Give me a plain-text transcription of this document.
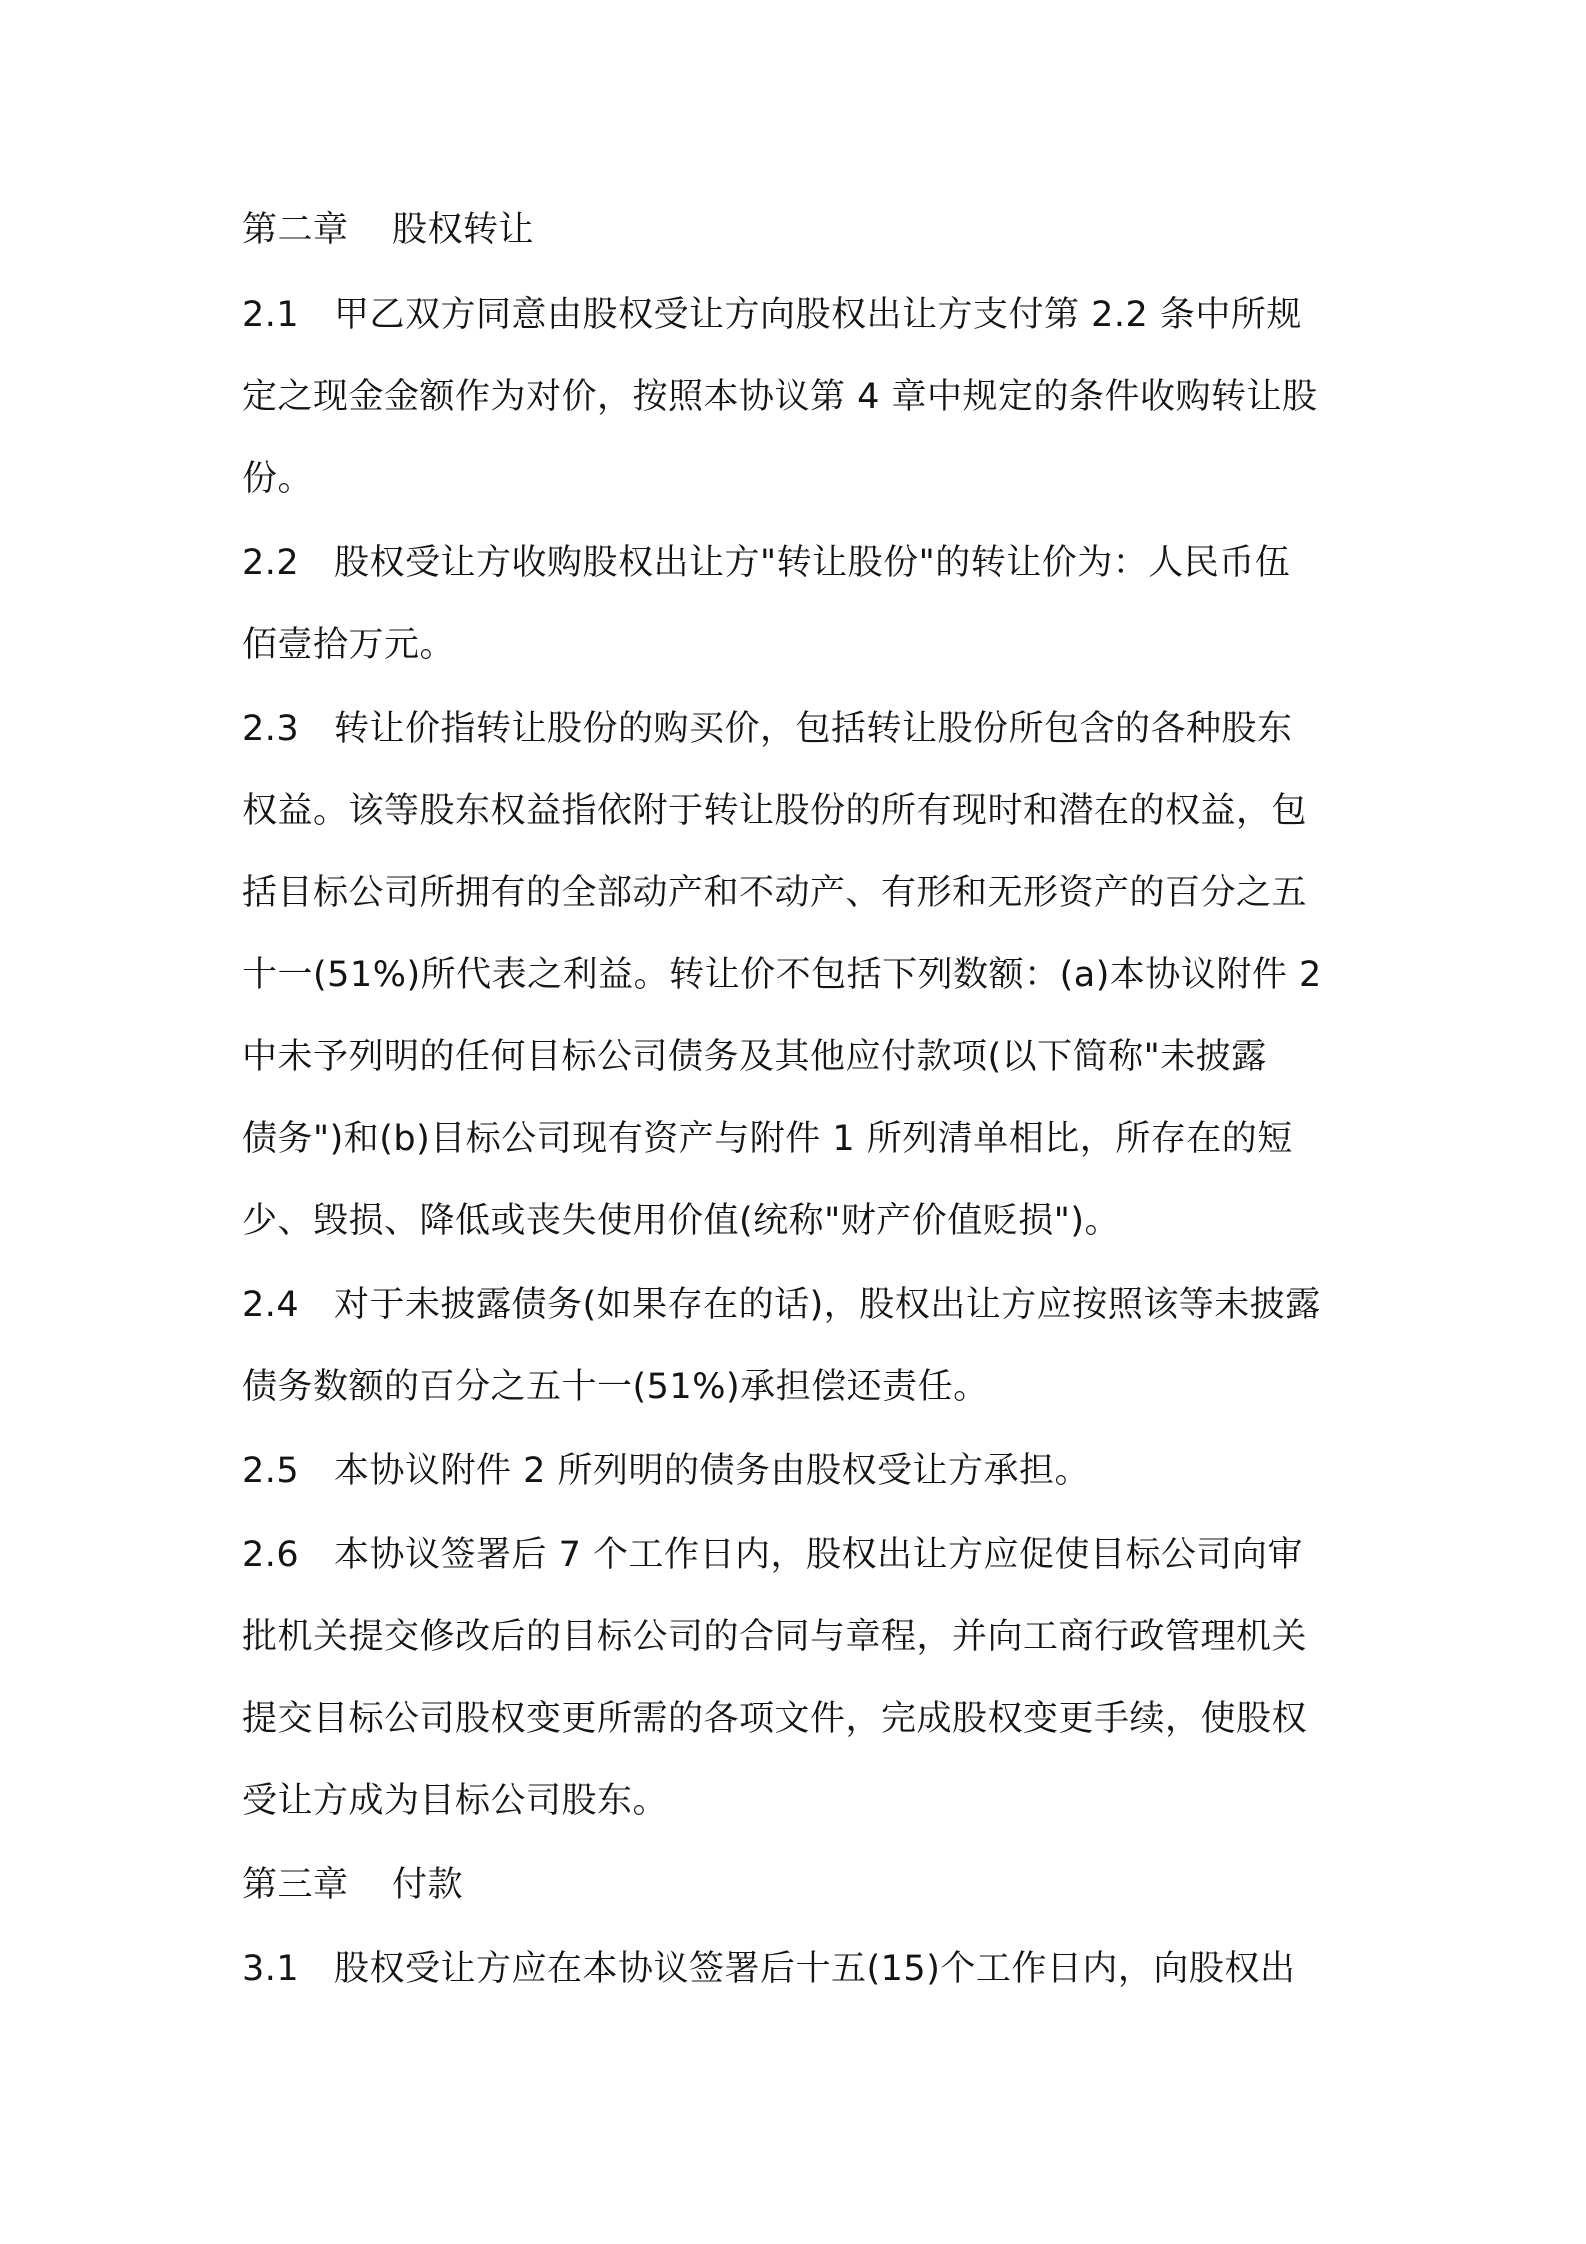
第二章 股权转让
2.1 甲乙双方同意由股权受让方向股权出让方支付第 2.2 条中所规
定之现金金额作为对价，按照本协议第 4 章中规定的条件收购转让股
份。
2.2 股权受让方收购股权出让方"转让股份"的转让价为：人民币伍
佰壹拾万元。
2.3 转让价指转让股份的购买价，包括转让股份所包含的各种股东
权益。该等股东权益指依附于转让股份的所有现时和潜在的权益，包
括目标公司所拥有的全部动产和不动产、有形和无形资产的百分之五
十一(51%)所代表之利益。转让价不包括下列数额：(a)本协议附件 2
中未予列明的任何目标公司债务及其他应付款项(以下简称"未披露
债务")和(b)目标公司现有资产与附件 1 所列清单相比，所存在的短
少、毁损、降低或丧失使用价值(统称"财产价值贬损")。
2.4 对于未披露债务(如果存在的话)，股权出让方应按照该等未披露
债务数额的百分之五十一(51%)承担偿还责任。
2.5 本协议附件 2 所列明的债务由股权受让方承担。
2.6 本协议签署后 7 个工作日内，股权出让方应促使目标公司向审
批机关提交修改后的目标公司的合同与章程，并向工商行政管理机关
提交目标公司股权变更所需的各项文件，完成股权变更手续，使股权
受让方成为目标公司股东。
第三章 付款
3.1 股权受让方应在本协议签署后十五(15)个工作日内，向股权出
